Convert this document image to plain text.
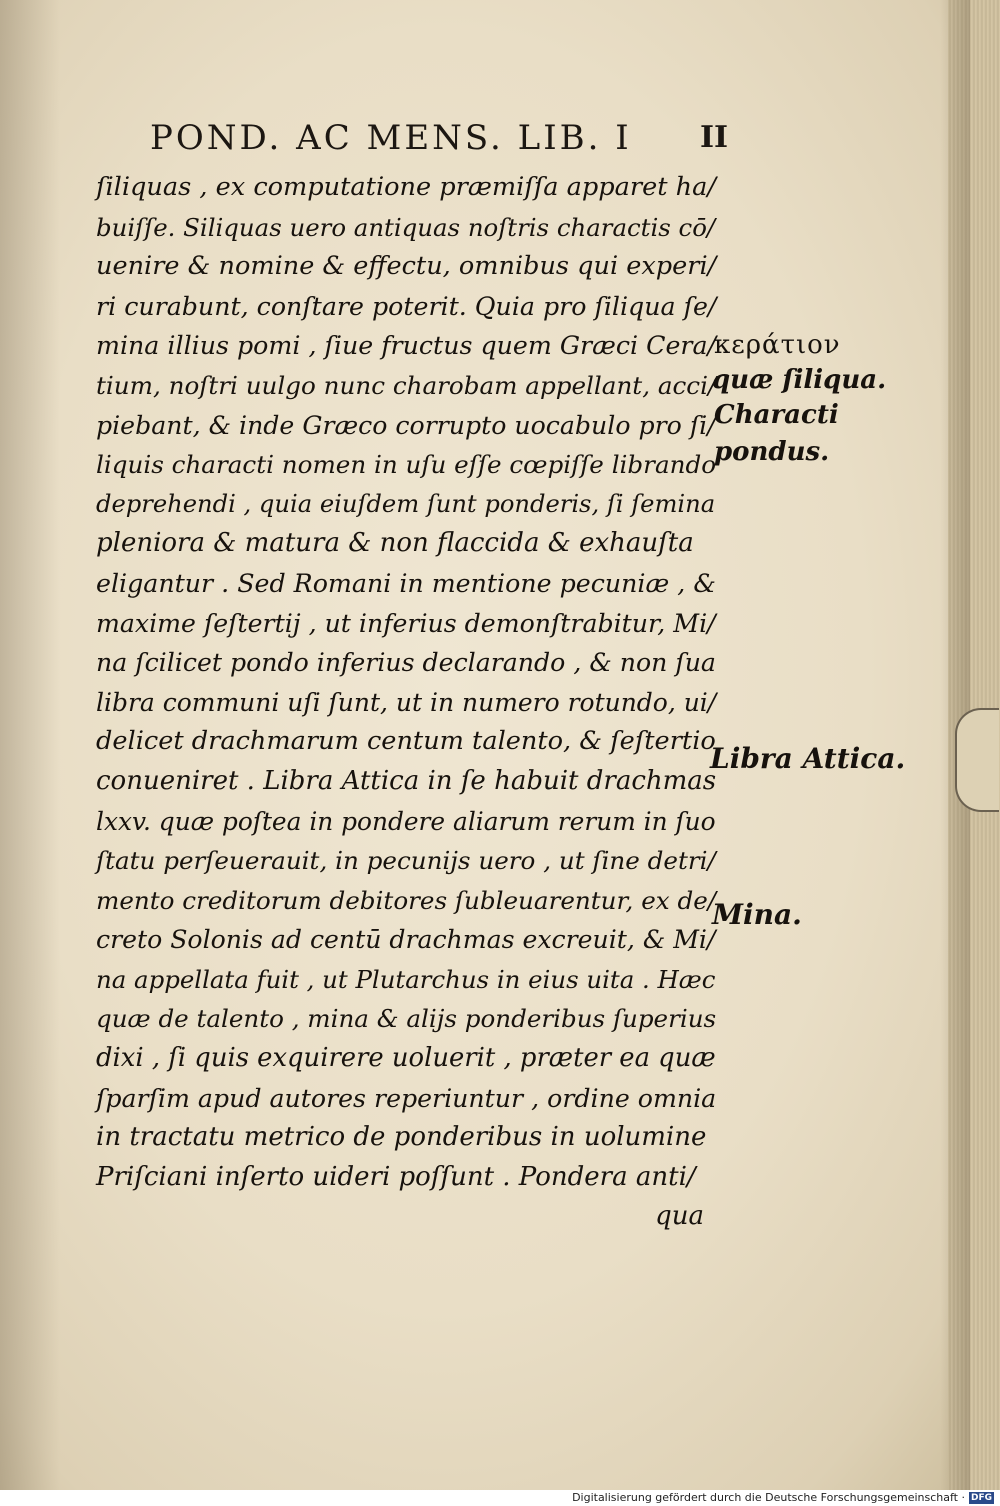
POND. AC MENS. LIB. I	II
ſiliquas , ex computatione præmiſſa apparet ha/
buiſſe. Siliquas uero antiquas noſtris charactis cō/
uenire & nomine & effectu, omnibus qui experi/
ri curabunt, conſtare poterit. Quia pro ſiliqua ſe/
mina illius pomi , ſiue fructus quem Græci Cera/
tium, noſtri uulgo nunc charobam appellant, acci/
piebant, & inde Græco corrupto uocabulo pro ſi/
liquis characti nomen in uſu eſſe cœpiſſe librando
deprehendi , quia eiuſdem ſunt ponderis, ſi ſemina
pleniora & matura & non flaccida & exhauſta
eligantur . Sed Romani in mentione pecuniæ , &
maxime ſeſtertij , ut inferius demonſtrabitur, Mi/
na ſcilicet pondo inferius declarando , & non ſua
libra communi uſi ſunt, ut in numero rotundo, ui/
delicet drachmarum centum talento, & ſeſtertio
conueniret . Libra Attica in ſe habuit drachmas
lxxv. quæ poſtea in pondere aliarum rerum in ſuo
ſtatu perſeuerauit, in pecunijs uero , ut ſine detri/
mento creditorum debitores ſubleuarentur, ex de/
creto Solonis ad centū drachmas excreuit, & Mi/
na appellata fuit , ut Plutarchus in eius uita . Hæc
quæ de talento , mina & alijs ponderibus ſuperius
dixi , ſi quis exquirere uoluerit , præter ea quæ
ſparſim apud autores reperiuntur , ordine omnia
in tractatu metrico de ponderibus in uolumine
Priſciani inſerto uideri poſſunt . Pondera anti/
qua
κεράτιον
quæ ſiliqua.
Characti
pondus.
Libra Attica.
Mina.
Digitalisierung gefördert durch die Deutsche Forschungsgemeinschaft · DFG
